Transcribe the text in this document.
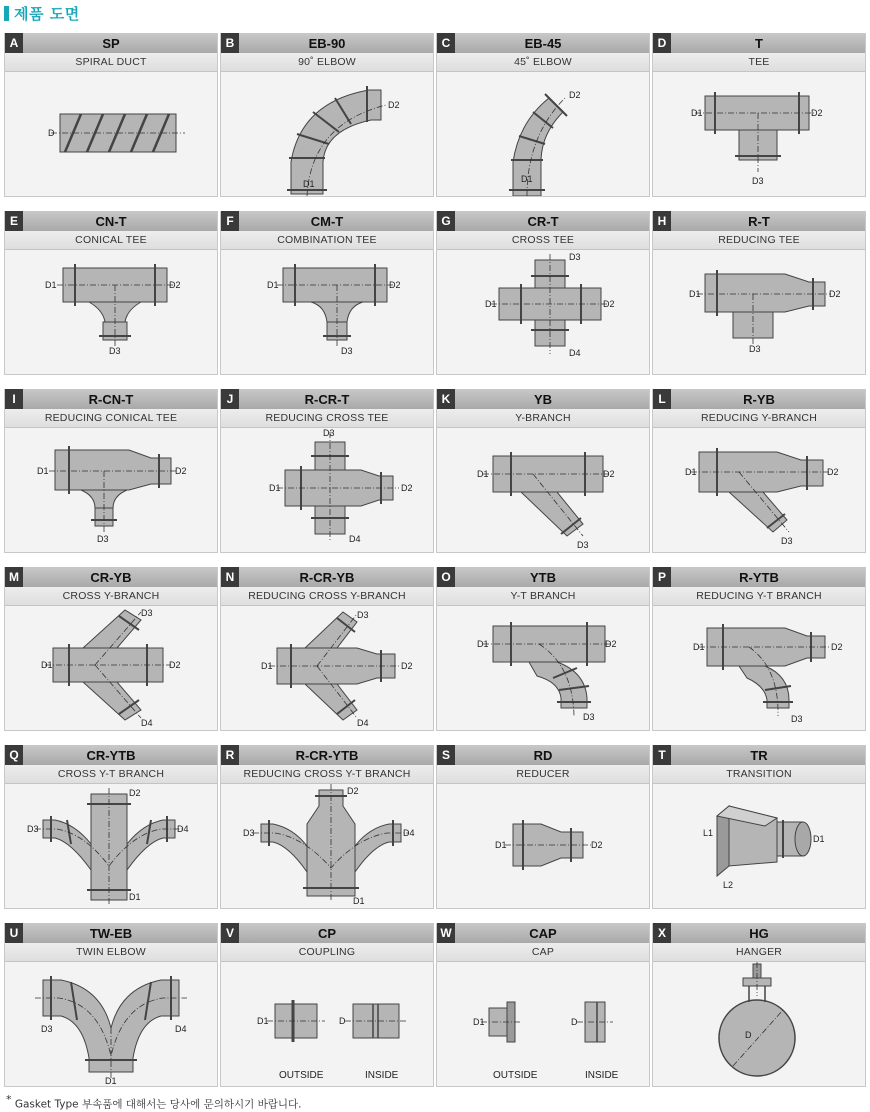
제품 도면
A	SP
SPIRAL DUCT
D
B	EB-90
90˚ ELBOW
D2
D1
C	EB-45
45˚ ELBOW
D2
D1
D	T
TEE
D1	D2
D3
E	CN-T
CONICAL TEE
D1	D2
D3
F	CM-T
COMBINATION TEE
D1	D2
D3
G	CR-T
CROSS TEE
D3
D1	D2
D4
H	R-T
REDUCING TEE
D1	D2
D3
I	R-CN-T
REDUCING CONICAL TEE
D1	D2
D3
J	R-CR-T
REDUCING CROSS TEE
D3
D1	D2
D4
K	YB
Y-BRANCH
D1	D2
D3
L	R-YB
REDUCING Y-BRANCH
D1	D2
D3
M	CR-YB
CROSS Y-BRANCH
D3
D1	D2
D4
N	R-CR-YB
REDUCING CROSS Y-BRANCH
D3
D1	D2
D4
O	YTB
Y-T BRANCH
D1	D2
D3
P	R-YTB
REDUCING Y-T BRANCH
D1	D2
D3
Q	CR-YTB
CROSS Y-T BRANCH
D2
D3	D4
D1
R	R-CR-YTB
REDUCING CROSS Y-T BRANCH
D2
D3	D4
D1
S	RD
REDUCER
D1	D2
T	TR
TRANSITION
L1
D1
L2
U	TW-EB
TWIN ELBOW
D3	D4
D1
V	CP
COUPLING
D1	D
OUTSIDE	INSIDE
W	CAP
CAP
D1	D
OUTSIDE	INSIDE
X	HG
HANGER
D
* Gasket Type 부속품에 대해서는 당사에 문의하시기 바랍니다.
